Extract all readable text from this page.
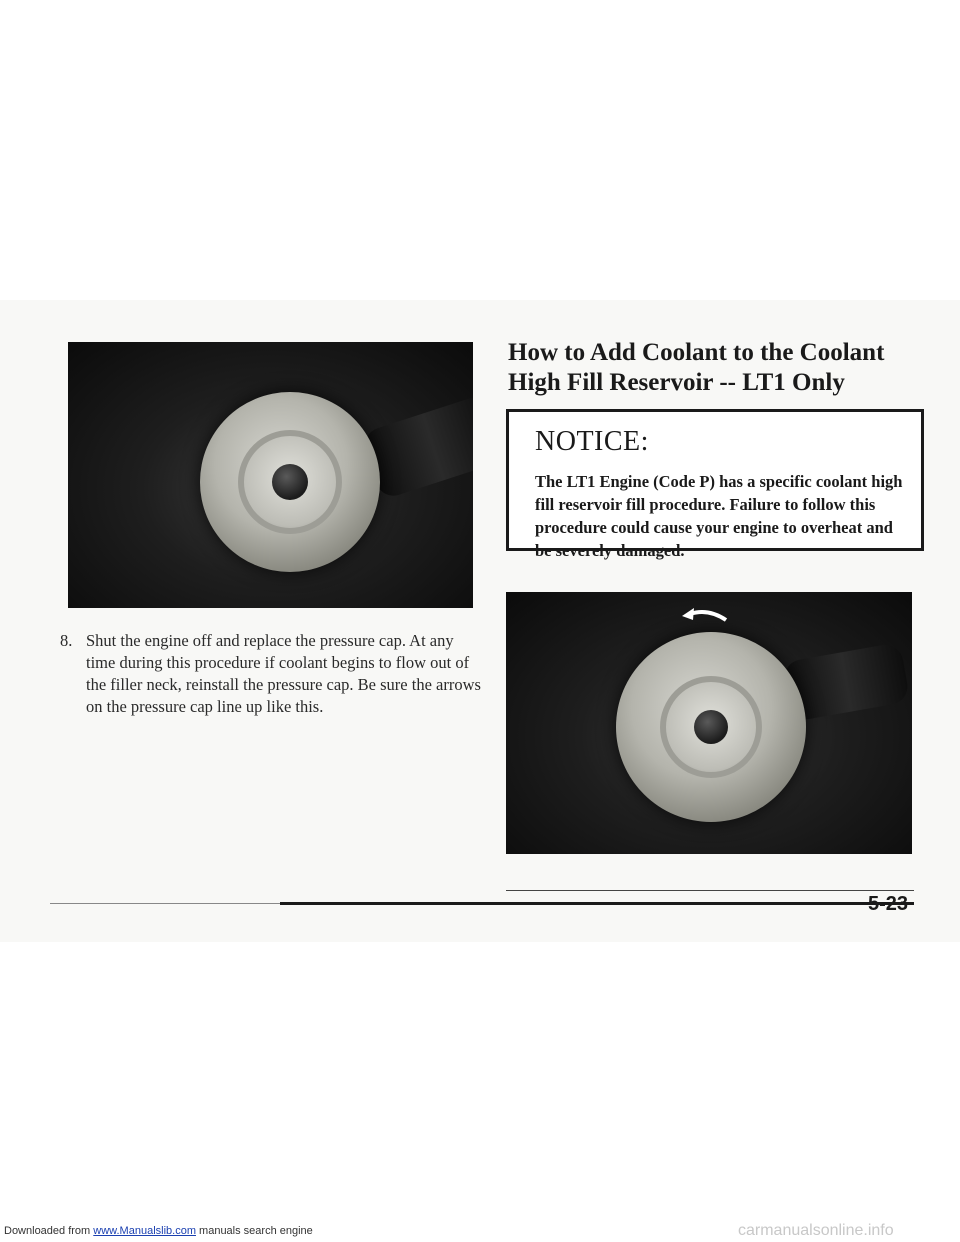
How to Add Coolant to the Coolant High Fill Reservoir -- LT1 Only

NOTICE:

The LT1 Engine (Code P) has a specific coolant high fill reservoir fill procedure. Failure to follow this procedure could cause your engine to overheat and be severely damaged.

8. Shut the engine off and replace the pressure cap. At any time during this procedure if coolant begins to flow out of the filler neck, reinstall the pressure cap. Be sure the arrows on the pressure cap line up like this.

5-23

Downloaded from www.Manualslib.com manuals search engine	carmanualsonline.info
